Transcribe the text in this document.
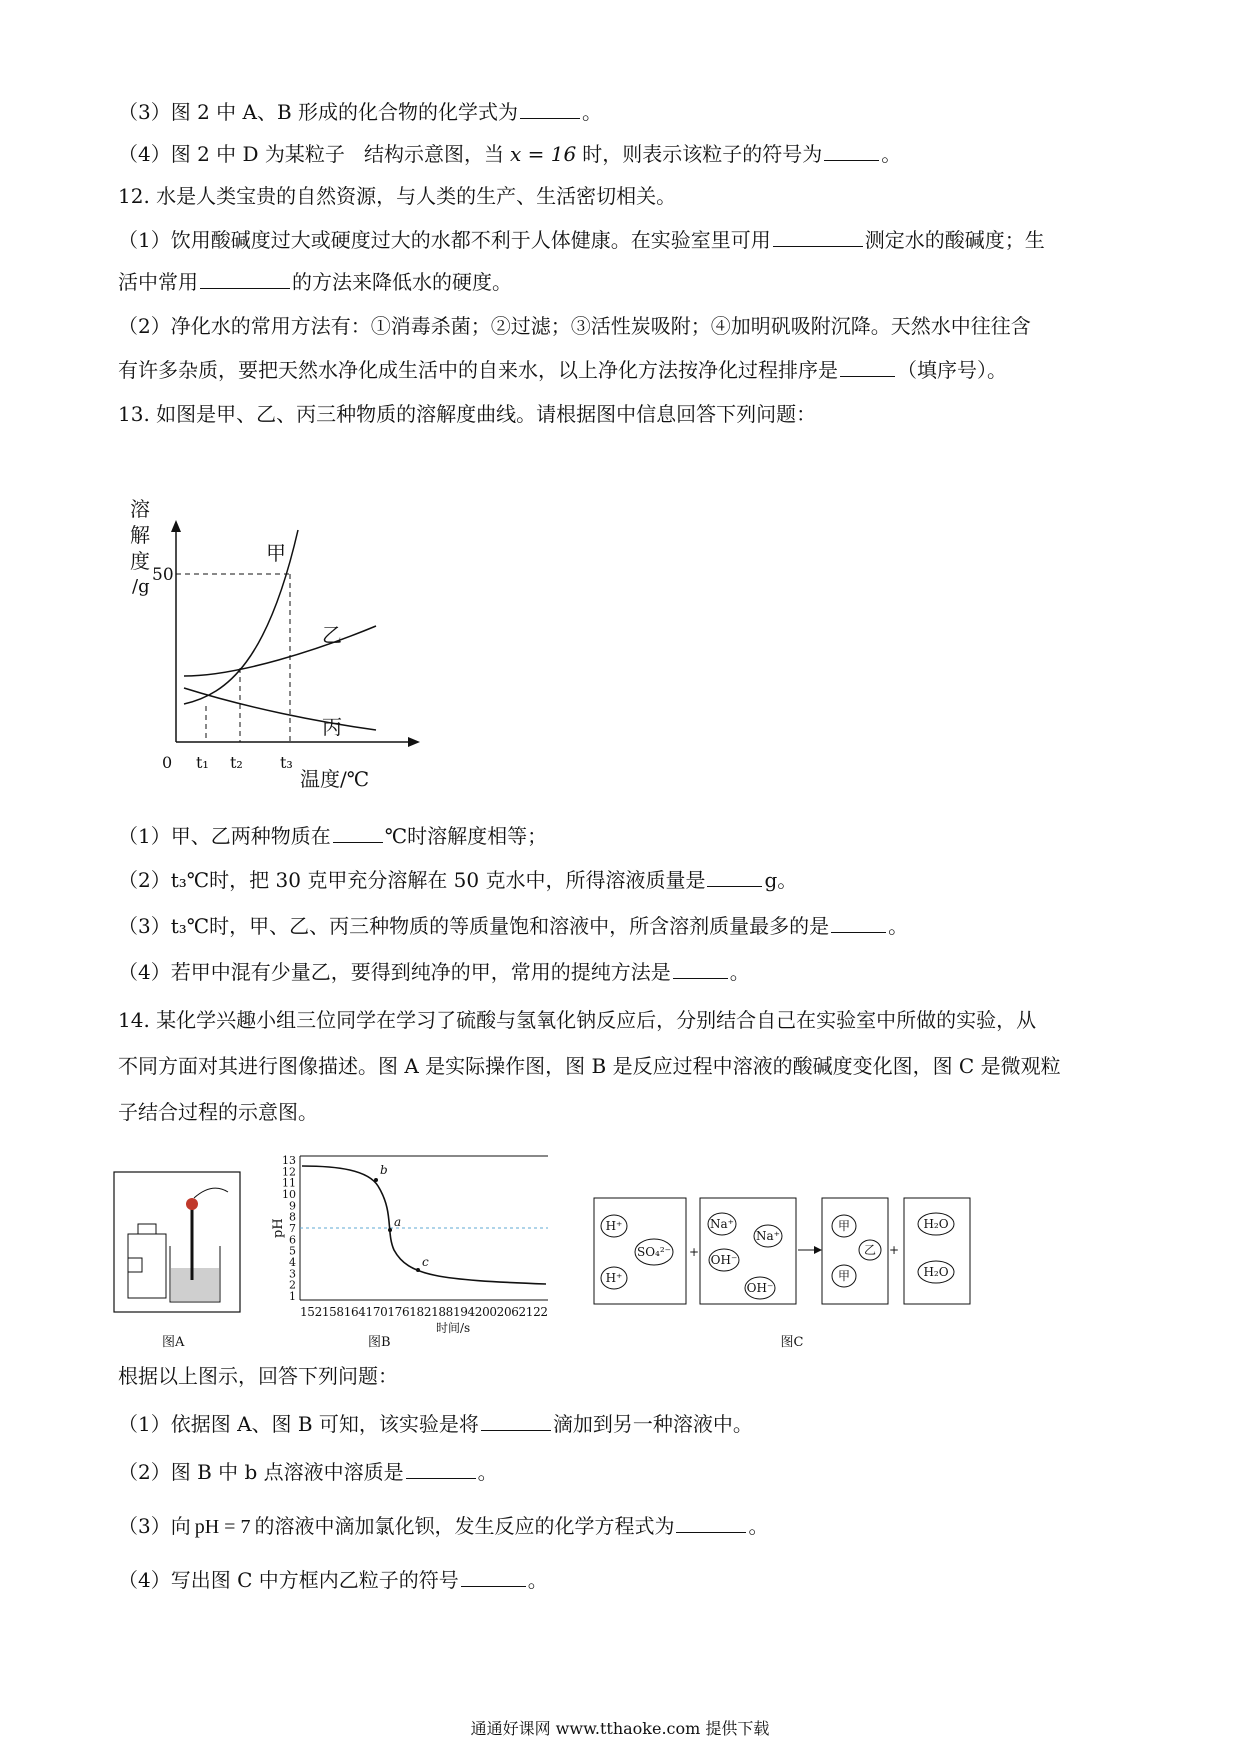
（3）图 2 中 A、B 形成的化合物的化学式为	。
（4）图 2 中 D 为某粒子 结构示意图，当 x = 16 时，则表示该粒子的符号为	。
12. 水是人类宝贵的自然资源，与人类的生产、生活密切相关。
（1）饮用酸碱度过大或硬度过大的水都不利于人体健康。在实验室里可用	测定水的酸碱度；生
活中常用	的方法来降低水的硬度。
（2）净化水的常用方法有：①消毒杀菌；②过滤；③活性炭吸附；④加明矾吸附沉降。天然水中往往含
有许多杂质，要把天然水净化成生活中的自来水，以上净化方法按净化过程排序是	（填序号）。
13. 如图是甲、乙、丙三种物质的溶解度曲线。请根据图中信息回答下列问题：
溶
解
度
/g
50
0
甲
乙
丙
t₁ t₂ t₃
温度/℃
（1）甲、乙两种物质在	℃时溶解度相等；
（2）t₃℃时，把 30 克甲充分溶解在 50 克水中，所得溶液质量是	g。
（3）t₃℃时，甲、乙、丙三种物质的等质量饱和溶液中，所含溶剂质量最多的是	。
（4）若甲中混有少量乙，要得到纯净的甲，常用的提纯方法是	。
14. 某化学兴趣小组三位同学在学习了硫酸与氢氧化钠反应后，分别结合自己在实验室中所做的实验，从
不同方面对其进行图像描述。图 A 是实际操作图，图 B 是反应过程中溶液的酸碱度变化图，图 C 是微观粒
子结合过程的示意图。
图A
1
2
3
4
5
6
7
8
9
10
11
12
13
pH
b
a
c
1521581641701761821881942002062122
时间/s
图B
H⁺
SO₄²⁻
H⁺
+
Na⁺
Na⁺
OH⁻
OH⁻
甲
乙
甲
+
H₂O
H₂O
图C
根据以上图示，回答下列问题：
（1）依据图 A、图 B 可知，该实验是将	滴加到另一种溶液中。
（2）图 B 中 b 点溶液中溶质是	。
（3）向 pH = 7 的溶液中滴加氯化钡，发生反应的化学方程式为	。
（4）写出图 C 中方框内乙粒子的符号	。
通通好课网 www.tthaoke.com 提供下载
